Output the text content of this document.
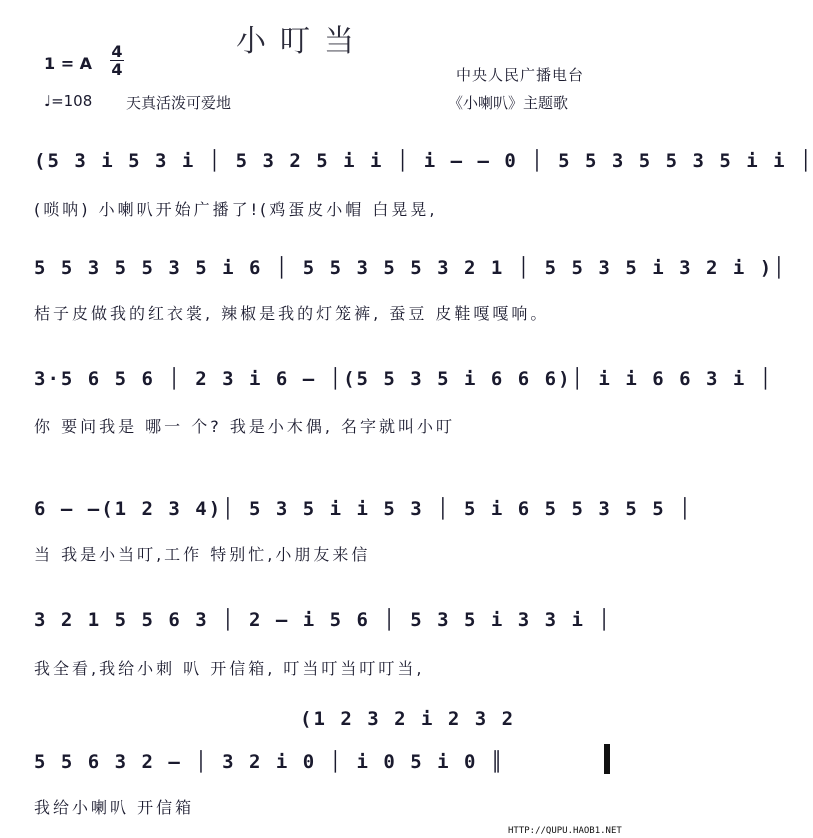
小叮当
1 = A
4
4
♩=108 天真活泼可爱地
中央人民广播电台
《小喇叭》主题歌
(5 3 i 5 3 i │ 5 3 2 5 i i │ i – – 0 │ 5 5 3 5 5 3 5 i i │
(唢呐) 小喇叭开始广播了!(鸡蛋皮小帽 白晃晃,
5 5 3 5 5 3 5 i 6 │ 5 5 3 5 5 3 2 1 │ 5 5 3 5 i 3 2 i )│
桔子皮做我的红衣裳, 辣椒是我的灯笼裤, 蚕豆 皮鞋嘎嘎响。
3·5 6 5 6 │ 2 3 i 6 – │(5 5 3 5 i 6 6 6)│ i i 6 6 3 i │
你 要问我是 哪一 个? 我是小木偶, 名字就叫小叮
6 – –(1 2 3 4)│ 5 3 5 i i 5 3 │ 5 i 6 5 5 3 5 5 │
当 我是小当叮,工作 特别忙,小朋友来信
3 2 1 5 5 6 3 │ 2 – i 5 6 │ 5 3 5 i 3 3 i │
我全看,我给小刺 叭 开信箱, 叮当叮当叮叮当,
(1 2 3 2 i 2 3 2
5 5 6 3 2 – │ 3 2 i 0 │ i 0 5 i 0 ║
我给小喇叭 开信箱
HTTP://QUPU.HAOB1.NET
